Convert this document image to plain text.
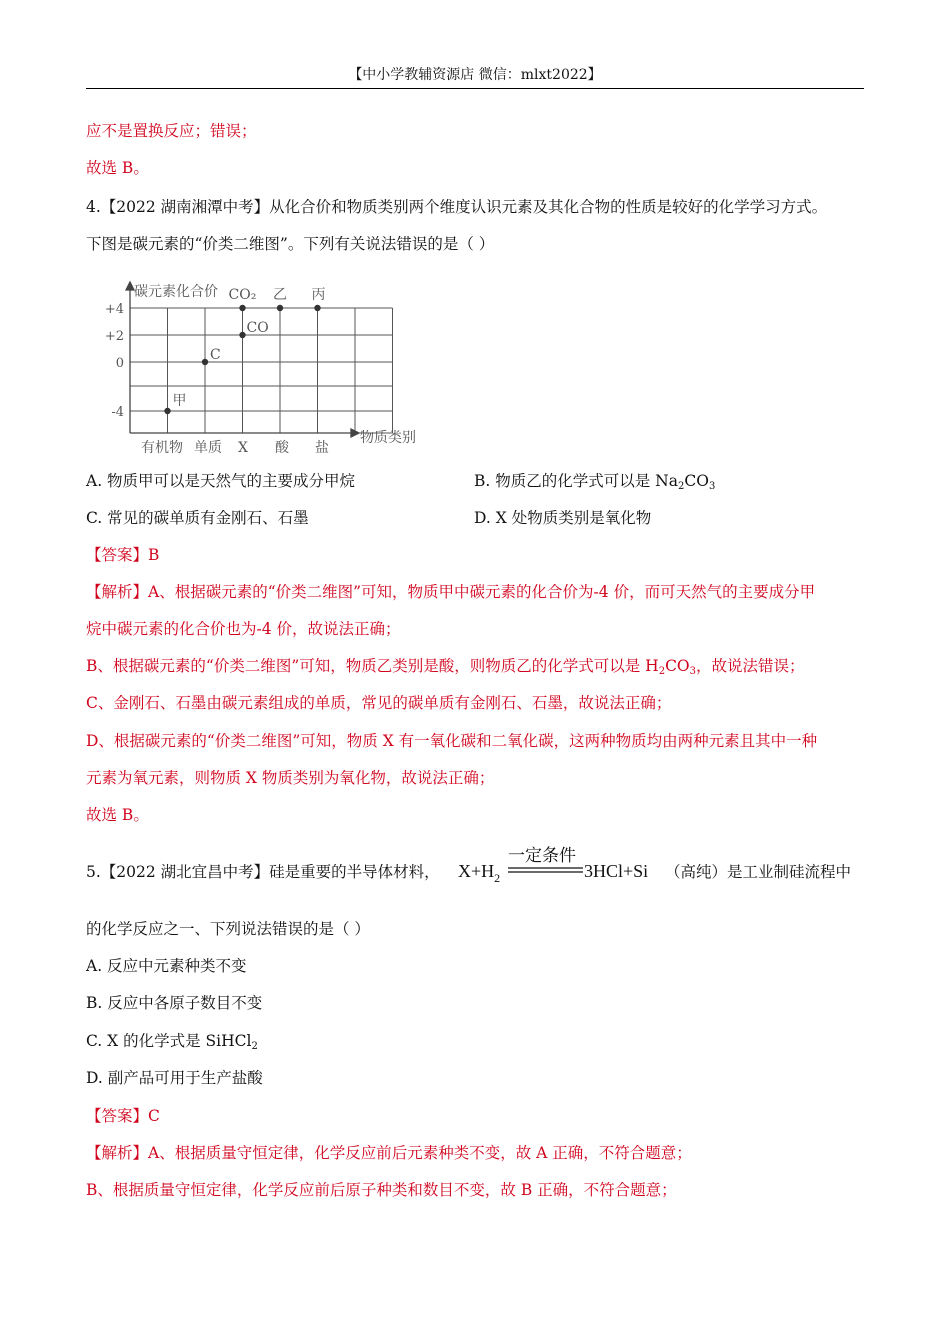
【中小学教辅资源店 微信：mlxt2022】
应不是置换反应；错误；
故选 B。
4.【2022 湖南湘潭中考】从化合价和物质类别两个维度认识元素及其化合物的性质是较好的化学学习方式。
下图是碳元素的“价类二维图”。下列有关说法错误的是（ ）
碳元素化合价
物质类别
+4
+2
0
-4
有机物 单质 X 酸 盐
甲
C
CO
CO₂ 乙 丙
A. 物质甲可以是天然气的主要成分甲烷	B. 物质乙的化学式可以是 $Na_2CO_3$
C. 常见的碳单质有金刚石、石墨	D. X 处物质类别是氧化物
【答案】B
【解析】A、根据碳元素的“价类二维图”可知，物质甲中碳元素的化合价为-4 价，而可天然气的主要成分甲
烷中碳元素的化合价也为-4 价，故说法正确；
B、根据碳元素的“价类二维图”可知，物质乙类别是酸，则物质乙的化学式可以是 $H_2CO_3$，故说法错误；
C、金刚石、石墨由碳元素组成的单质，常见的碳单质有金刚石、石墨，故说法正确；
D、根据碳元素的“价类二维图”可知，物质 X 有一氧化碳和二氧化碳，这两种物质均由两种元素且其中一种
元素为氧元素，则物质 X 物质类别为氧化物，故说法正确；
故选 B。
5.【2022 湖北宜昌中考】硅是重要的半导体材料， $X+H_2$
一定条件
3HCl+Si （高纯）是工业制硅流程中
的化学反应之一、下列说法错误的是（ ）
A. 反应中元素种类不变
B. 反应中各原子数目不变
C. X 的化学式是 SiHCl$_2$
D. 副产品可用于生产盐酸
【答案】C
【解析】A、根据质量守恒定律，化学反应前后元素种类不变，故 A 正确，不符合题意；
B、根据质量守恒定律，化学反应前后原子种类和数目不变，故 B 正确，不符合题意；
